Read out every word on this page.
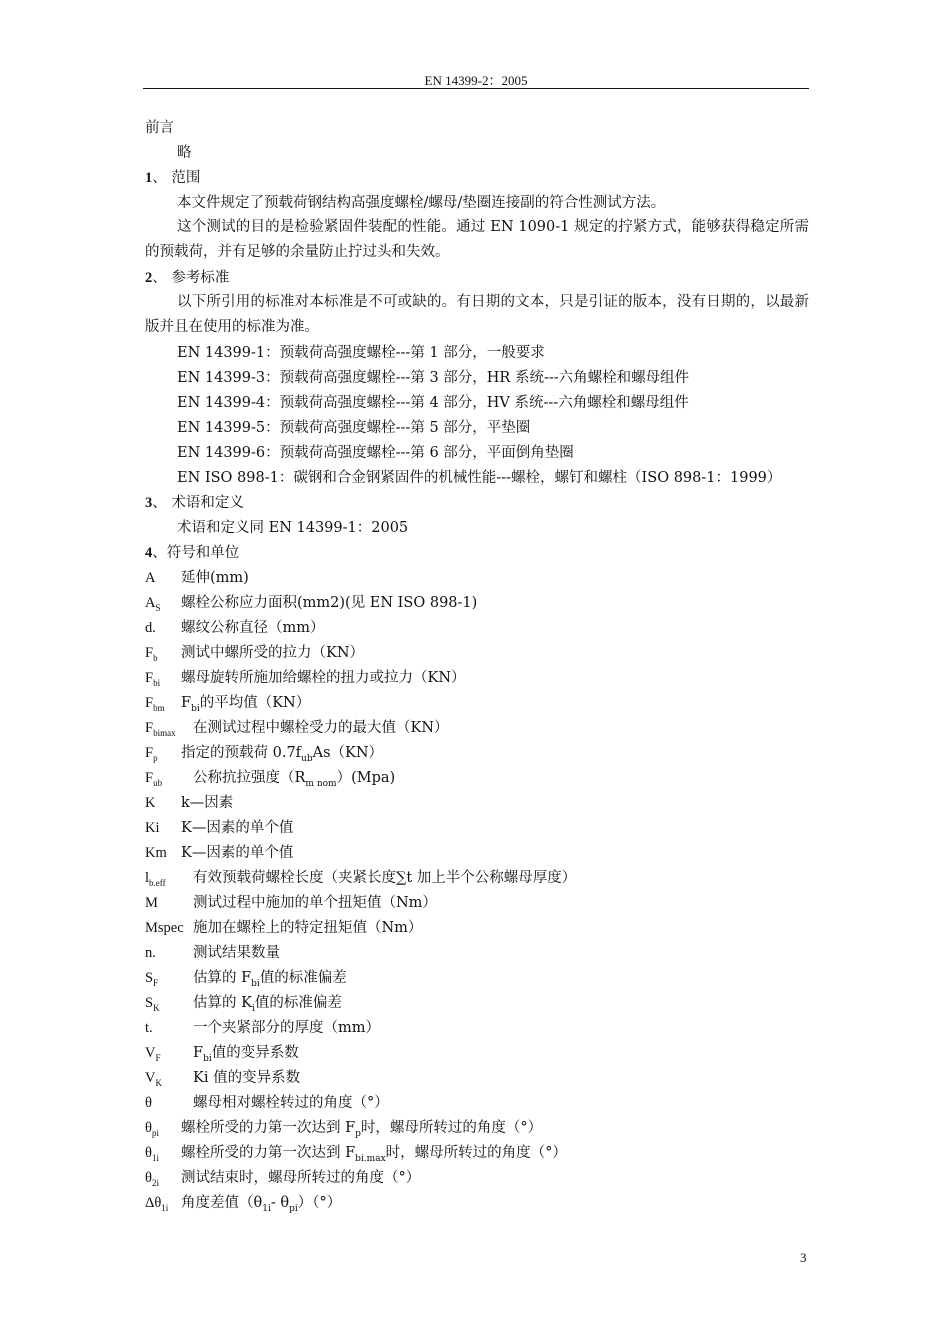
EN 14399-2：2005
前言
略
1、 范围
本文件规定了预载荷钢结构高强度螺栓/螺母/垫圈连接副的符合性测试方法。
这个测试的目的是检验紧固件装配的性能。通过 EN 1090-1 规定的拧紧方式，能够获得稳定所需的预载荷，并有足够的余量防止拧过头和失效。
2、 参考标准
以下所引用的标准对本标准是不可或缺的。有日期的文本，只是引证的版本，没有日期的，以最新版并且在使用的标准为准。
EN 14399-1：预载荷高强度螺栓---第 1 部分，一般要求
EN 14399-3：预载荷高强度螺栓---第 3 部分，HR 系统---六角螺栓和螺母组件
EN 14399-4：预载荷高强度螺栓---第 4 部分，HV 系统---六角螺栓和螺母组件
EN 14399-5：预载荷高强度螺栓---第 5 部分，平垫圈
EN 14399-6：预载荷高强度螺栓---第 6 部分，平面倒角垫圈
EN ISO 898-1：碳钢和合金钢紧固件的机械性能---螺栓，螺钉和螺柱（ISO 898-1：1999）
3、 术语和定义
术语和定义同 EN 14399-1：2005
4、符号和单位
A 延伸(mm)
$A_S$ 螺栓公称应力面积(mm2)(见 EN ISO 898-1)
d. 螺纹公称直径（mm）
$F_b$ 测试中螺所受的拉力（KN）
$F_{bi}$ 螺母旋转所施加给螺栓的扭力或拉力（KN）
$F_{bm}$ $F_{bi}$的平均值（KN）
$F_{bimax}$ 在测试过程中螺栓受力的最大值（KN）
$F_p$ 指定的预载荷 $0.7f_{ub}As(KN)$
$F_{ub}$ 公称抗拉强度$(R_{m nom})(Mpa)$
K k—因素
Ki K—因素的单个值
Km K—因素的单个值
$l_{b.eff}$ 有效预载荷螺栓长度（夹紧长度∑t 加上半个公称螺母厚度）
M 测试过程中施加的单个扭矩值（Nm）
Mspec 施加在螺栓上的特定扭矩值（Nm）
n.	测试结果数量
$S_F$ 估算的 $F_{bi}$值的标准偏差
$S_K$ 估算的 $K_i$值的标准偏差
t.	一个夹紧部分的厚度（mm）
$V_F$ $F_{bi}$值的变异系数
$V_K$ Ki 值的变异系数
θ	螺母相对螺栓转过的角度（°）
$\theta_{pi}$ 螺栓所受的力第一次达到 $F_p$时，螺母所转过的角度（°）
$\theta_{1i}$ 螺栓所受的力第一次达到 $F_{bi.max}$时，螺母所转过的角度（°）
$\theta_{2i}$ 测试结束时，螺母所转过的角度（°）
$\Delta\theta_{1i}$ 角度差值（$\theta_{1i}-$ $\theta_{pi})(^\circ)$
3
